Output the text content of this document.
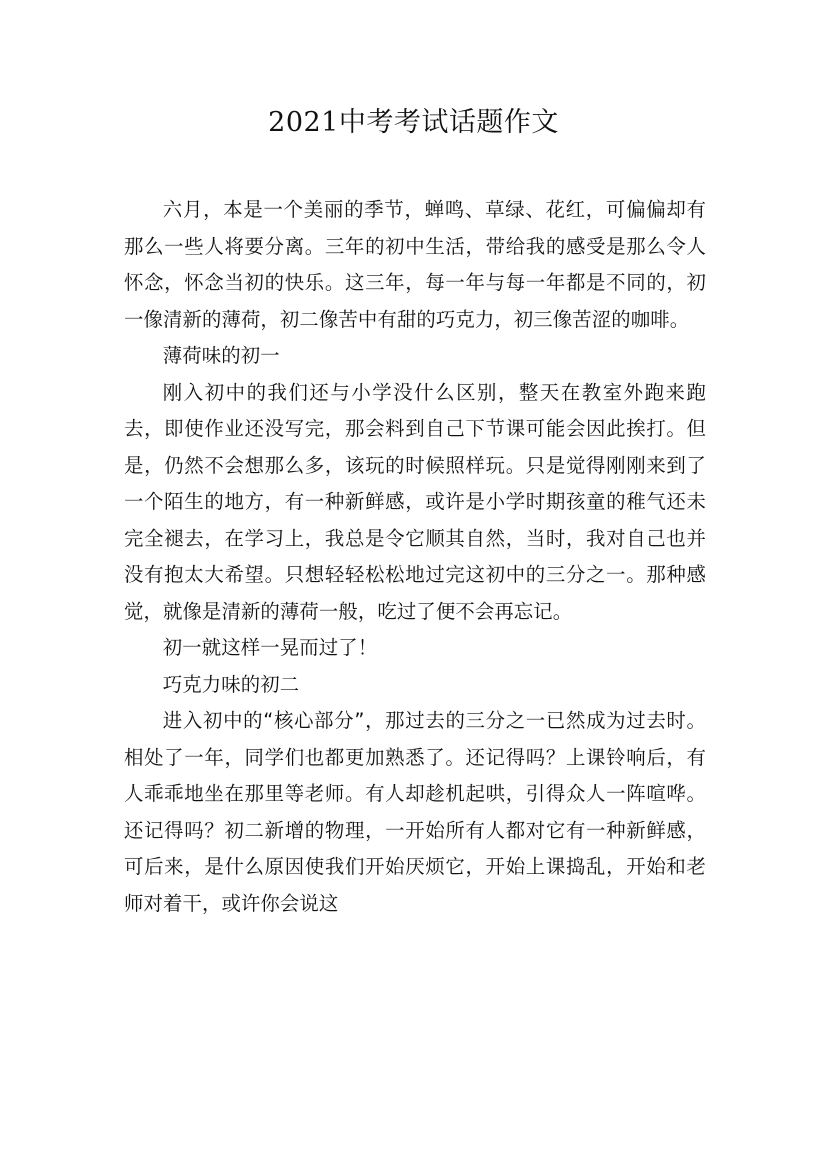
2021中考考试话题作文

六月，本是一个美丽的季节，蝉鸣、草绿、花红，可偏偏却有那么一些人将要分离。三年的初中生活，带给我的感受是那么令人怀念，怀念当初的快乐。这三年，每一年与每一年都是不同的，初一像清新的薄荷，初二像苦中有甜的巧克力，初三像苦涩的咖啡。

薄荷味的初一

刚入初中的我们还与小学没什么区别，整天在教室外跑来跑去，即使作业还没写完，那会料到自己下节课可能会因此挨打。但是，仍然不会想那么多，该玩的时候照样玩。只是觉得刚刚来到了一个陌生的地方，有一种新鲜感，或许是小学时期孩童的稚气还未完全褪去，在学习上，我总是令它顺其自然，当时，我对自己也并没有抱太大希望。只想轻轻松松地过完这初中的三分之一。那种感觉，就像是清新的薄荷一般，吃过了便不会再忘记。

初一就这样一晃而过了！

巧克力味的初二

进入初中的“核心部分”，那过去的三分之一已然成为过去时。相处了一年，同学们也都更加熟悉了。还记得吗？上课铃响后，有人乖乖地坐在那里等老师。有人却趁机起哄，引得众人一阵喧哗。还记得吗？初二新增的物理，一开始所有人都对它有一种新鲜感，可后来，是什么原因使我们开始厌烦它，开始上课捣乱，开始和老师对着干，或许你会说这
